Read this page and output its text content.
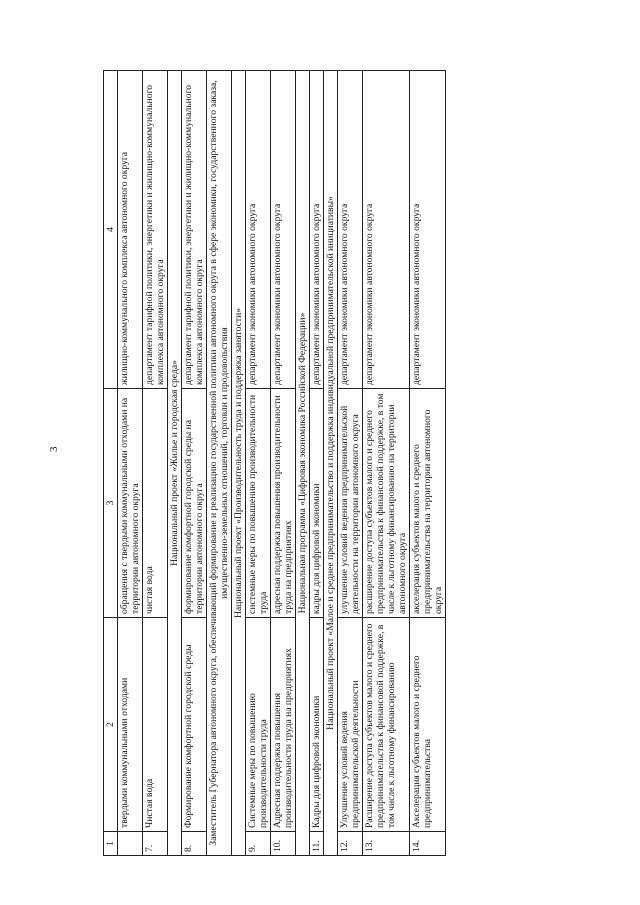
3
1	2	3	4
	твердыми коммунальными отходами	обращения с твердыми коммунальными отходами на территории автономного округа	жилищно-коммунального комплекса автономного округа
7.	Чистая вода	чистая вода	департамент тарифной политики, энергетики и жилищно-коммунального комплекса автономного округа
Национальный проект «Жилье и городская среда»			
8.	Формирование комфортной городской среды	формирование комфортной городской среды на территории автономного округа	департамент тарифной политики, энергетики и жилищно-коммунального комплекса автономного округа
Заместитель Губернатора автономного округа, обеспечивающий формирование и реализацию государственной политики автономного округа в сфере экономики, государственного заказа, имущественно-земельных отношений, торговли и продовольствия			
Национальный проект «Производительность труда и поддержка занятости»			
9.	Системные меры по повышению производительности труда	системные меры по повышению производительности труда	департамент экономики автономного округа
10.	Адресная поддержка повышения производительности труда на предприятиях	адресная поддержка повышения производительности труда на предприятиях	департамент экономики автономного округа
Национальная программа «Цифровая экономика Российской Федерации»			
11.	Кадры для цифровой экономики	кадры для цифровой экономики	департамент экономики автономного округа
Национальный проект «Малое и среднее предпринимательство и поддержка индивидуальной предпринимательской инициативы»			
12.	Улучшение условий ведения предпринимательской деятельности	улучшение условий ведения предпринимательской деятельности на территории автономного округа	департамент экономики автономного округа
13.	Расширение доступа субъектов малого и среднего предпринимательства к финансовой поддержке, в том числе к льготному финансированию	расширение доступа субъектов малого и среднего предпринимательства к финансовой поддержке, в том числе к льготному финансированию на территории автономного округа	департамент экономики автономного округа
14.	Акселерация субъектов малого и среднего предпринимательства	акселерация субъектов малого и среднего предпринимательства на территории автономного округа	департамент экономики автономного округа
